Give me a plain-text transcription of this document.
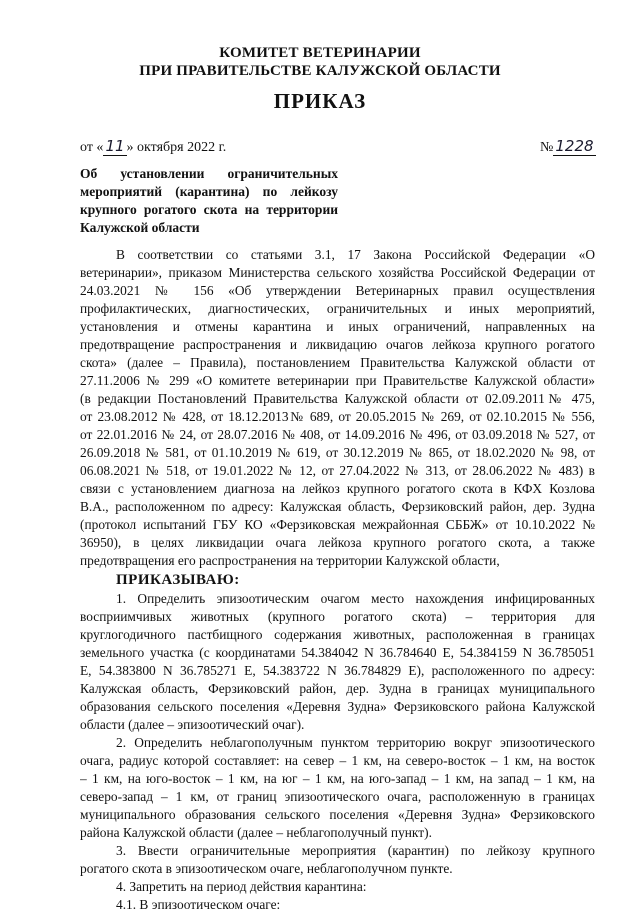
КОМИТЕТ ВЕТЕРИНАРИИ
ПРИ ПРАВИТЕЛЬСТВЕ КАЛУЖСКОЙ ОБЛАСТИ
ПРИКАЗ
от « 11 » октября 2022 г.	№ 1228
Об установлении ограничительных
мероприятий (карантина) по лейкозу
крупного рогатого скота на территории
Калужской области
В соответствии со статьями 3.1, 17 Закона Российской Федерации «О
ветеринарии», приказом Министерства сельского хозяйства Российской Федерации от
24.03.2021 № 156 «Об утверждении Ветеринарных правил осуществления
профилактических, диагностических, ограничительных и иных мероприятий,
установления и отмены карантина и иных ограничений, направленных на
предотвращение распространения и ликвидацию очагов лейкоза крупного рогатого
скота» (далее – Правила), постановлением Правительства Калужской области от
27.11.2006 № 299 «О комитете ветеринарии при Правительстве Калужской области»
(в редакции Постановлений Правительства Калужской области от 02.09.2011№ 475,
от 23.08.2012 № 428, от 18.12.2013№ 689, от 20.05.2015 № 269, от 02.10.2015 № 556,
от 22.01.2016 № 24, от 28.07.2016 № 408, от 14.09.2016 № 496, от 03.09.2018 № 527, от
26.09.2018 № 581, от 01.10.2019 № 619, от 30.12.2019 № 865, от 18.02.2020 № 98, от
06.08.2021 № 518, от 19.01.2022 № 12, от 27.04.2022 № 313, от 28.06.2022 № 483) в
связи с установлением диагноза на лейкоз крупного рогатого скота в КФХ Козлова
В.А., расположенном по адресу: Калужская область, Ферзиковский район, дер. Зудна
(протокол испытаний ГБУ КО «Ферзиковская межрайонная СББЖ» от 10.10.2022 №
36950), в целях ликвидации очага лейкоза крупного рогатого скота, а также
предотвращения его распространения на территории Калужской области,
ПРИКАЗЫВАЮ:
1. Определить эпизоотическим очагом место нахождения инфицированных
восприимчивых животных (крупного рогатого скота) – территория для
круглогодичного пастбищного содержания животных, расположенная в границах
земельного участка (с координатами 54.384042 N 36.784640 E, 54.384159 N 36.785051
E, 54.383800 N 36.785271 E, 54.383722 N 36.784829 E), расположенного по адресу:
Калужская область, Ферзиковский район, дер. Зудна в границах муниципального
образования сельского поселения «Деревня Зудна» Ферзиковского района Калужской
области (далее – эпизоотический очаг).
2. Определить неблагополучным пунктом территорию вокруг эпизоотического
очага, радиус которой составляет: на север – 1 км, на северо-восток – 1 км, на восток
– 1 км, на юго-восток – 1 км, на юг – 1 км, на юго-запад – 1 км, на запад – 1 км, на
северо-запад – 1 км, от границ эпизоотического очага, расположенную в границах
муниципального образования сельского поселения «Деревня Зудна» Ферзиковского
района Калужской области (далее – неблагополучный пункт).
3. Ввести ограничительные мероприятия (карантин) по лейкозу крупного
рогатого скота в эпизоотическом очаге, неблагополучном пункте.
4. Запретить на период действия карантина:
4.1. В эпизоотическом очаге:
